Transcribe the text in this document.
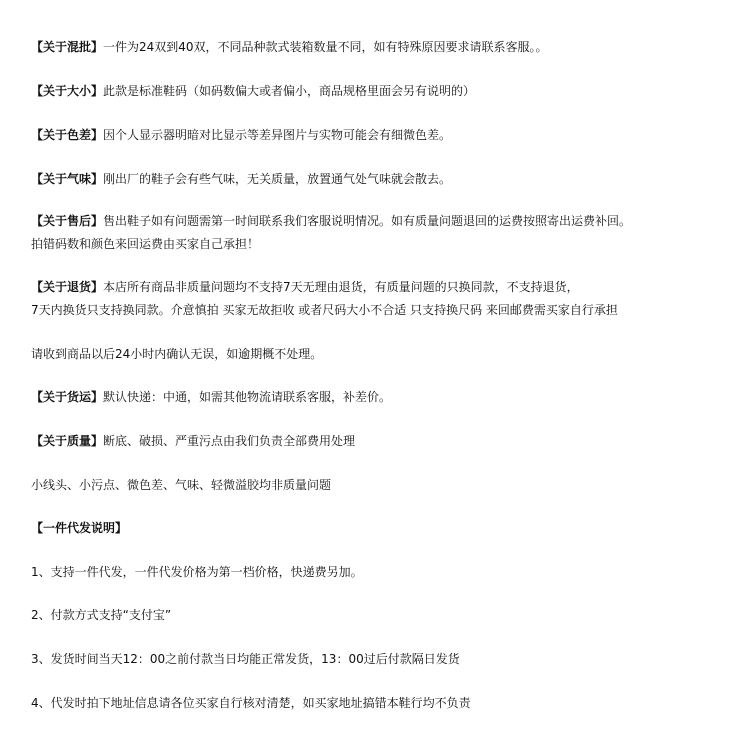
【关于混批】一件为24双到40双，不同品种款式装箱数量不同，如有特殊原因要求请联系客服。。
【关于大小】此款是标准鞋码（如码数偏大或者偏小，商品规格里面会另有说明的）
【关于色差】因个人显示器明暗对比显示等差异图片与实物可能会有细微色差。
【关于气味】刚出厂的鞋子会有些气味，无关质量，放置通气处气味就会散去。
【关于售后】售出鞋子如有问题需第一时间联系我们客服说明情况。如有质量问题退回的运费按照寄出运费补回。
拍错码数和颜色来回运费由买家自己承担！
【关于退货】本店所有商品非质量问题均不支持7天无理由退货，有质量问题的只换同款，不支持退货，
7天内换货只支持换同款。介意慎拍 买家无故拒收 或者尺码大小不合适 只支持换尺码 来回邮费需买家自行承担
请收到商品以后24小时内确认无误，如逾期概不处理。
【关于货运】默认快递：中通，如需其他物流请联系客服，补差价。
【关于质量】断底、破损、严重污点由我们负责全部费用处理
小线头、小污点、微色差、气味、轻微溢胶均非质量问题
【一件代发说明】
1、支持一件代发，一件代发价格为第一档价格，快递费另加。
2、付款方式支持“支付宝”
3、发货时间当天12：00之前付款当日均能正常发货，13：00过后付款隔日发货
4、代发时拍下地址信息请各位买家自行核对清楚，如买家地址搞错本鞋行均不负责
